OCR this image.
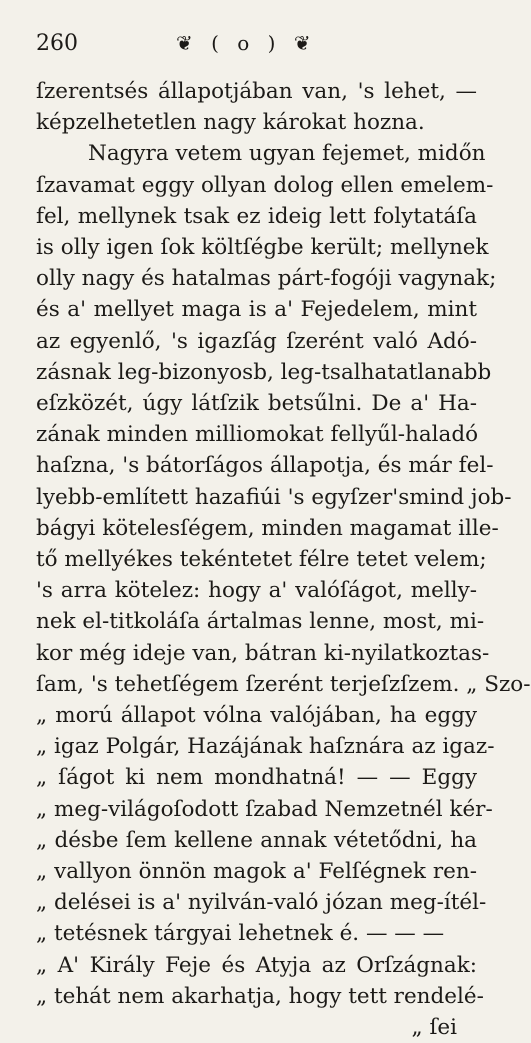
260	❦ ( o ) ❦
ſzerentsés állapotjában van, 's lehet, —
képzelhetetlen nagy károkat hozna.
Nagyra vetem ugyan fejemet, midőn
ſzavamat eggy ollyan dolog ellen emelem-
fel, mellynek tsak ez ideig lett folytatáſa
is olly igen ſok költſégbe került; mellynek
olly nagy és hatalmas párt-fogóji vagynak;
és a' mellyet maga is a' Fejedelem, mint
az egyenlő, 's igazſág ſzerént való Adó-
zásnak leg-bizonyosb, leg-tsalhatatlanabb
eſzközét, úgy látſzik betsűlni. De a' Ha-
zának minden milliomokat fellyűl-haladó
haſzna, 's bátorſágos állapotja, és már fel-
lyebb-említett hazafiúi 's egyſzer'smind job-
bágyi kötelesſégem, minden magamat ille-
tő mellyékes tekéntetet félre tetet velem;
's arra kötelez: hogy a' valóſágot, melly-
nek el-titkoláſa ártalmas lenne, most, mi-
kor még ideje van, bátran ki-nyilatkoztas-
ſam, 's tehetſégem ſzerént terjeſzſzem. „ Szo-
„ morú állapot vólna valójában, ha eggy
„ igaz Polgár, Hazájának haſznára az igaz-
„ ſágot ki nem mondhatná! — — Eggy
„ meg-világoſodott ſzabad Nemzetnél kér-
„ désbe ſem kellene annak vétetődni, ha
„ vallyon önnön magok a' Felſégnek ren-
„ delései is a' nyilván-való józan meg-ítél-
„ tetésnek tárgyai lehetnek é. — — —
„ A' Király Feje és Atyja az Orſzágnak:
„ tehát nem akarhatja, hogy tett rendelé-
„ ſei
